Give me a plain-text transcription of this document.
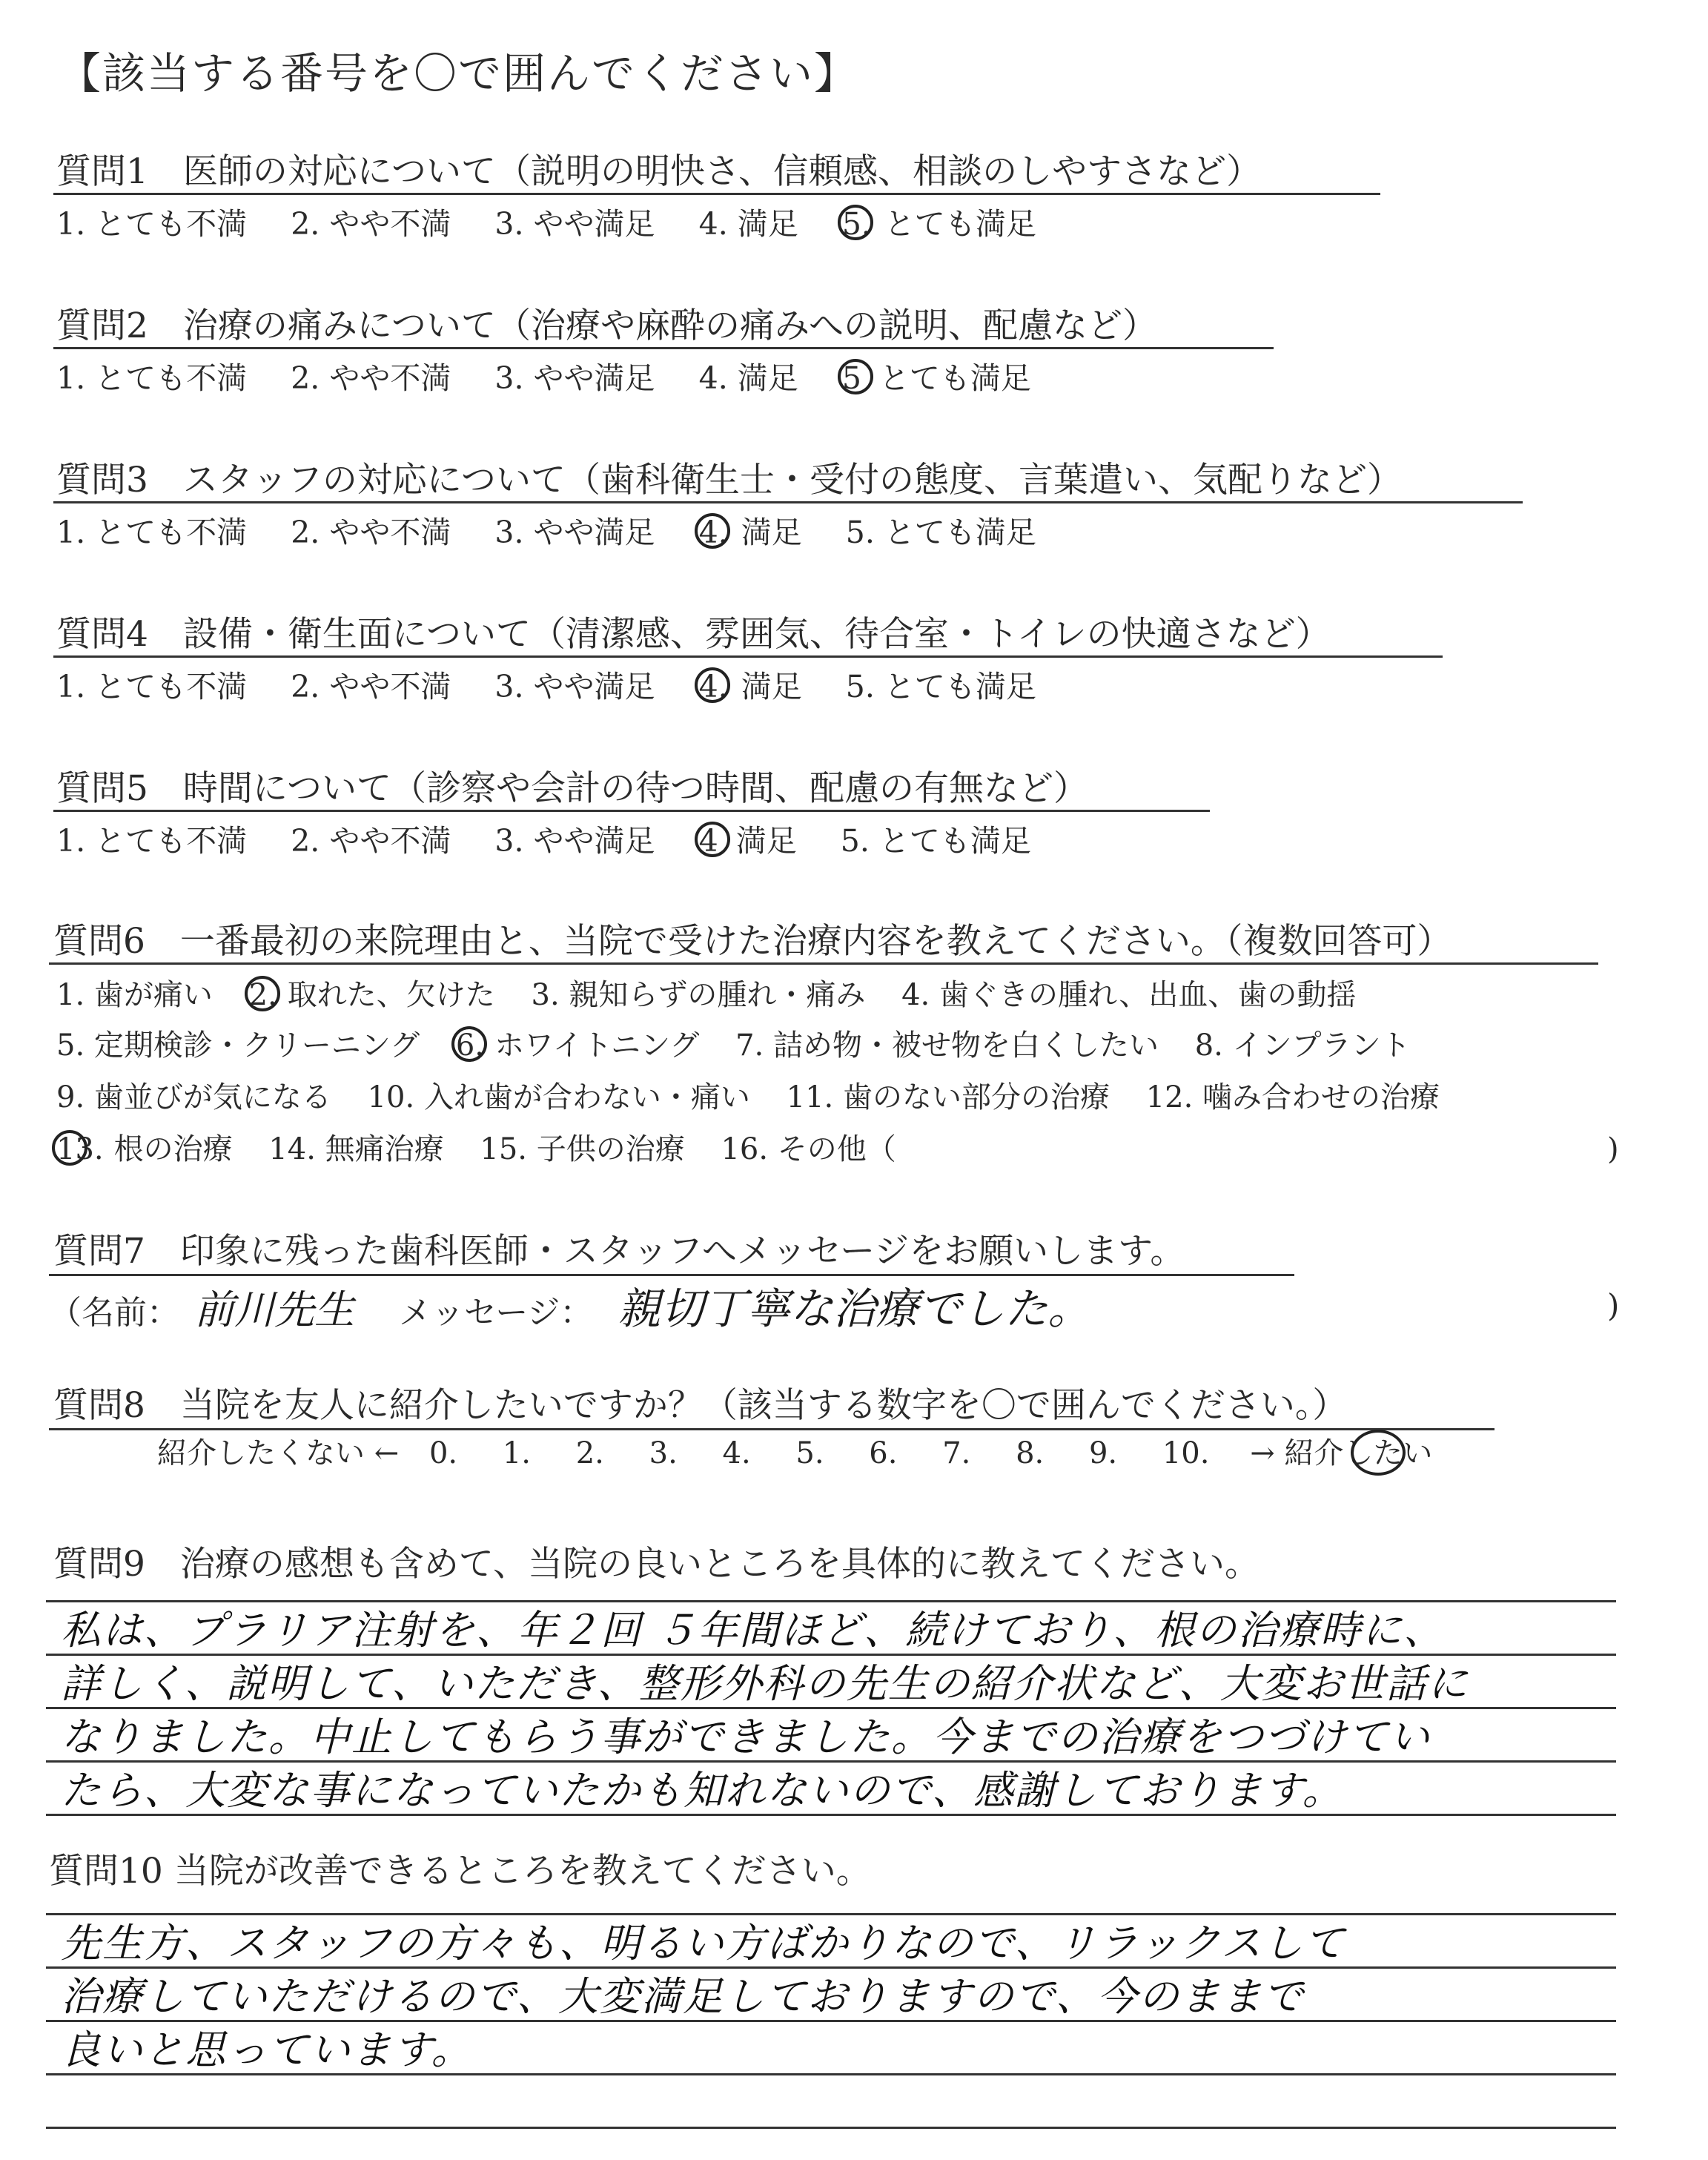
【該当する番号を〇で囲んでください】
質問1　医師の対応について（説明の明快さ、信頼感、相談のしやすさなど）
1. とても不満 2. やや不満 3. やや満足 4. 満足 5. とても満足
質問2　治療の痛みについて（治療や麻酔の痛みへの説明、配慮など）
1. とても不満 2. やや不満 3. やや満足 4. 満足 5 とても満足
質問3　スタッフの対応について（歯科衛生士・受付の態度、言葉遣い、気配りなど）
1. とても不満 2. やや不満 3. やや満足 4. 満足 5. とても満足
質問4　設備・衛生面について（清潔感、雰囲気、待合室・トイレの快適さなど）
1. とても不満 2. やや不満 3. やや満足 4. 満足 5. とても満足
質問5　時間について（診察や会計の待つ時間、配慮の有無など）
1. とても不満 2. やや不満 3. やや満足 4 満足 5. とても満足
質問6　一番最初の来院理由と、当院で受けた治療内容を教えてください。（複数回答可）
1. 歯が痛い 2. 取れた、欠けた 3. 親知らずの腫れ・痛み 4. 歯ぐきの腫れ、出血、歯の動揺
5. 定期検診・クリーニング 6. ホワイトニング 7. 詰め物・被せ物を白くしたい 8. インプラント
9. 歯並びが気になる 10. 入れ歯が合わない・痛い 11. 歯のない部分の治療 12. 噛み合わせの治療
13. 根の治療 14. 無痛治療 15. 子供の治療 16. その他（	)
質問7　印象に残った歯科医師・スタッフへメッセージをお願いします。
（名前： 前川先生 メッセージ： 親切丁寧な治療でした。	)
質問8　当院を友人に紹介したいですか？（該当する数字を〇で囲んでください。）
紹介したくない ← 0. 1. 2. 3. 4. 5. 6. 7. 8. 9. 10. → 紹介したい
質問9　治療の感想も含めて、当院の良いところを具体的に教えてください。
私は、プラリア注射を、年２回 ５年間ほど、続けており、根の治療時に、
詳しく、説明して、いただき、整形外科の先生の紹介状など、大変お世話に
なりました。中止してもらう事ができました。今までの治療をつづけてい
たら、大変な事になっていたかも知れないので、感謝しております。
質問10 当院が改善できるところを教えてください。
先生方、スタッフの方々も、明るい方ばかりなので、リラックスして
治療していただけるので、大変満足しておりますので、今のままで
良いと思っています。
